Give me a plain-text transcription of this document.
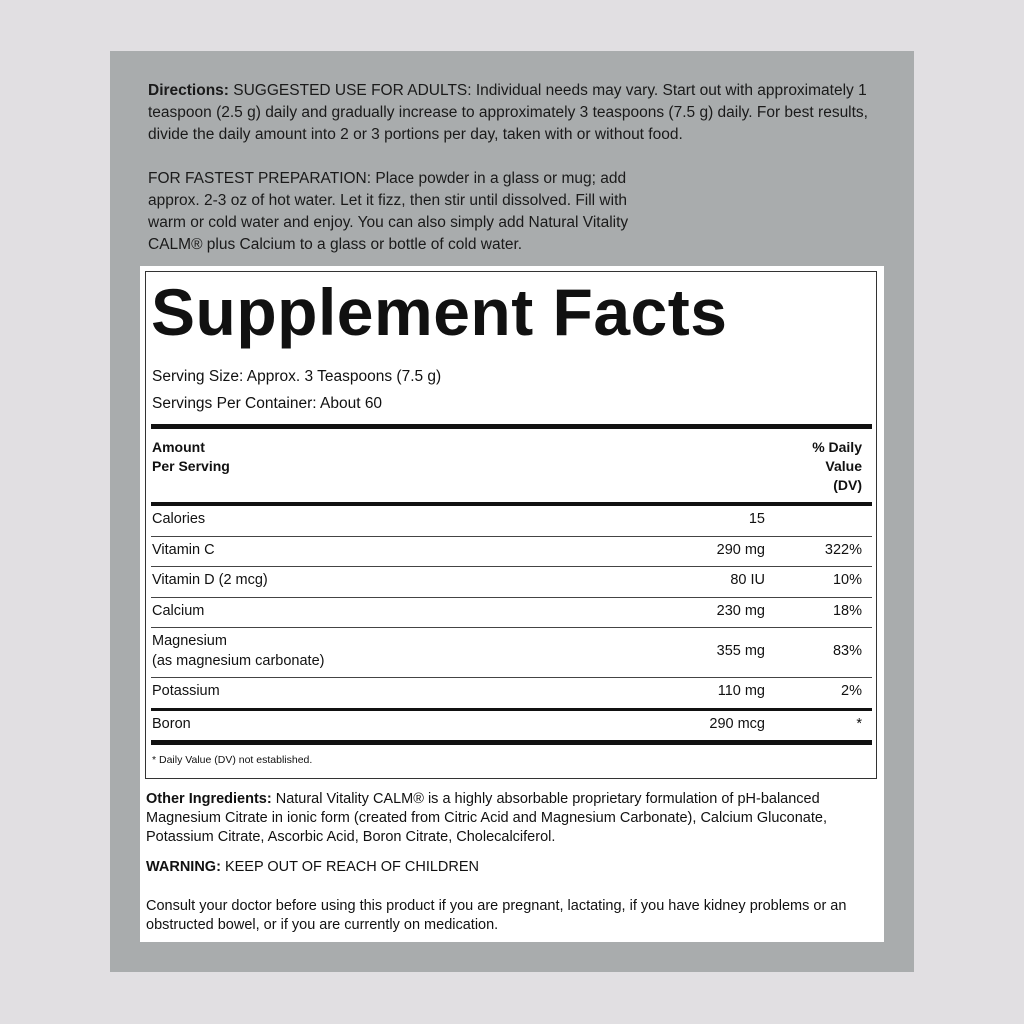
Directions: SUGGESTED USE FOR ADULTS: Individual needs may vary. Start out with approximately 1 teaspoon (2.5 g) daily and gradually increase to approximately 3 teaspoons (7.5 g) daily. For best results, divide the daily amount into 2 or 3 portions per day, taken with or without food.

FOR FASTEST PREPARATION: Place powder in a glass or mug; add approx. 2-3 oz of hot water. Let it fizz, then stir until dissolved. Fill with warm or cold water and enjoy. You can also simply add Natural Vitality CALM® plus Calcium to a glass or bottle of cold water.

Supplement Facts
Serving Size: Approx. 3 Teaspoons (7.5 g)
Servings Per Container: About 60
Amount
Per Serving
% Daily
Value
(DV)
Calories	15
Vitamin C	290 mg	322%
Vitamin D (2 mcg)	80 IU	10%
Calcium	230 mg	18%
Magnesium
(as magnesium carbonate)
355 mg	83%
Potassium	110 mg	2%
Boron	290 mcg	*
* Daily Value (DV) not established.

Other Ingredients: Natural Vitality CALM® is a highly absorbable proprietary formulation of pH-balanced Magnesium Citrate in ionic form (created from Citric Acid and Magnesium Carbonate), Calcium Gluconate, Potassium Citrate, Ascorbic Acid, Boron Citrate, Cholecalciferol.

WARNING: KEEP OUT OF REACH OF CHILDREN

Consult your doctor before using this product if you are pregnant, lactating, if you have kidney problems or an obstructed bowel, or if you are currently on medication.
